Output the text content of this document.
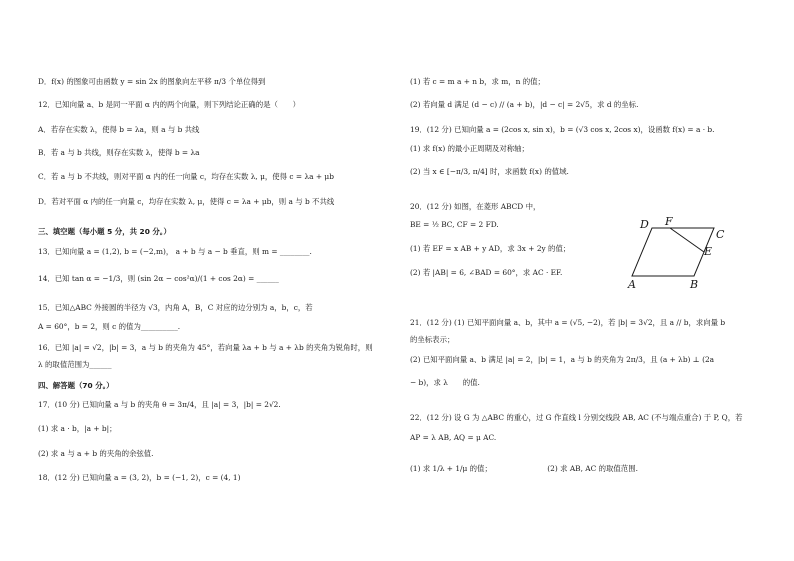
D．f(x) 的图象可由函数 y = sin 2x 的图象向左平移 π/3 个单位得到
12．已知向量 a、b 是同一平面 α 内的两个向量，则下列结论正确的是（　　）
A．若存在实数 λ，使得 b = λa，则 a 与 b 共线
B．若 a 与 b 共线，则存在实数 λ，使得 b = λa
C．若 a 与 b 不共线，则对平面 α 内的任一向量 c，均存在实数 λ, μ，使得 c = λa + μb
D．若对平面 α 内的任一向量 c，均存在实数 λ, μ，使得 c = λa + μb，则 a 与 b 不共线
三、填空题（每小题 5 分，共 20 分。）
13．已知向量 a = (1,2), b = (−2,m)， a + b 与 a − b 垂直，则 m = ________.
14．已知 tan α = −1/3，则 (sin 2α − cos²α)/(1 + cos 2α) = ______
15．已知△ABC 外接圆的半径为 √3，内角 A，B，C 对应的边分别为 a，b，c，若
A = 60°，b = 2，则 c 的值为__________.
16．已知 |a| = √2，|b| = 3，a 与 b 的夹角为 45°，若向量 λa + b 与 a + λb 的夹角为锐角时，则
λ 的取值范围为______
四、解答题（70 分。）
17．(10 分) 已知向量 a 与 b 的夹角 θ = 3π/4，且 |a| = 3，|b| = 2√2.
(1) 求 a · b，|a + b|；
(2) 求 a 与 a + b 的夹角的余弦值.
18．(12 分) 已知向量 a = (3, 2)，b = (−1, 2)，c = (4, 1)
(1) 若 c = m a + n b，求 m，n 的值；
(2) 若向量 d 满足 (d − c) // (a + b)，|d − c| = 2√5，求 d 的坐标.
19．(12 分) 已知向量 a = (2cos x, sin x)，b = (√3 cos x, 2cos x)，设函数 f(x) = a · b.
(1) 求 f(x) 的最小正周期及对称轴；
(2) 当 x ∈ [−π/3, π/4] 时，求函数 f(x) 的值域.
20．(12 分) 如图，在菱形 ABCD 中，
BE = ½ BC, CF = 2 FD.
(1) 若 EF = x AB + y AD，求 3x + 2y 的值；
(2) 若 |AB| = 6, ∠BAD = 60°，求 AC · EF.
21．(12 分) (1) 已知平面向量 a、b，其中 a = (√5, −2)，若 |b| = 3√2，且 a // b，求向量 b
的坐标表示；
(2) 已知平面向量 a、b 满足 |a| = 2，|b| = 1，a 与 b 的夹角为 2π/3，且 (a + λb) ⊥ (2a
− b)，求 λ　　的值.
22．(12 分) 设 G 为 △ABC 的重心，过 G 作直线 l 分别交线段 AB, AC (不与端点重合) 于 P, Q，若
AP = λ AB, AQ = μ AC.
(1) 求 1/λ + 1/μ 的值；　　　　　　　　(2) 求 AB, AC 的取值范围.
D F
C
E
A	B
